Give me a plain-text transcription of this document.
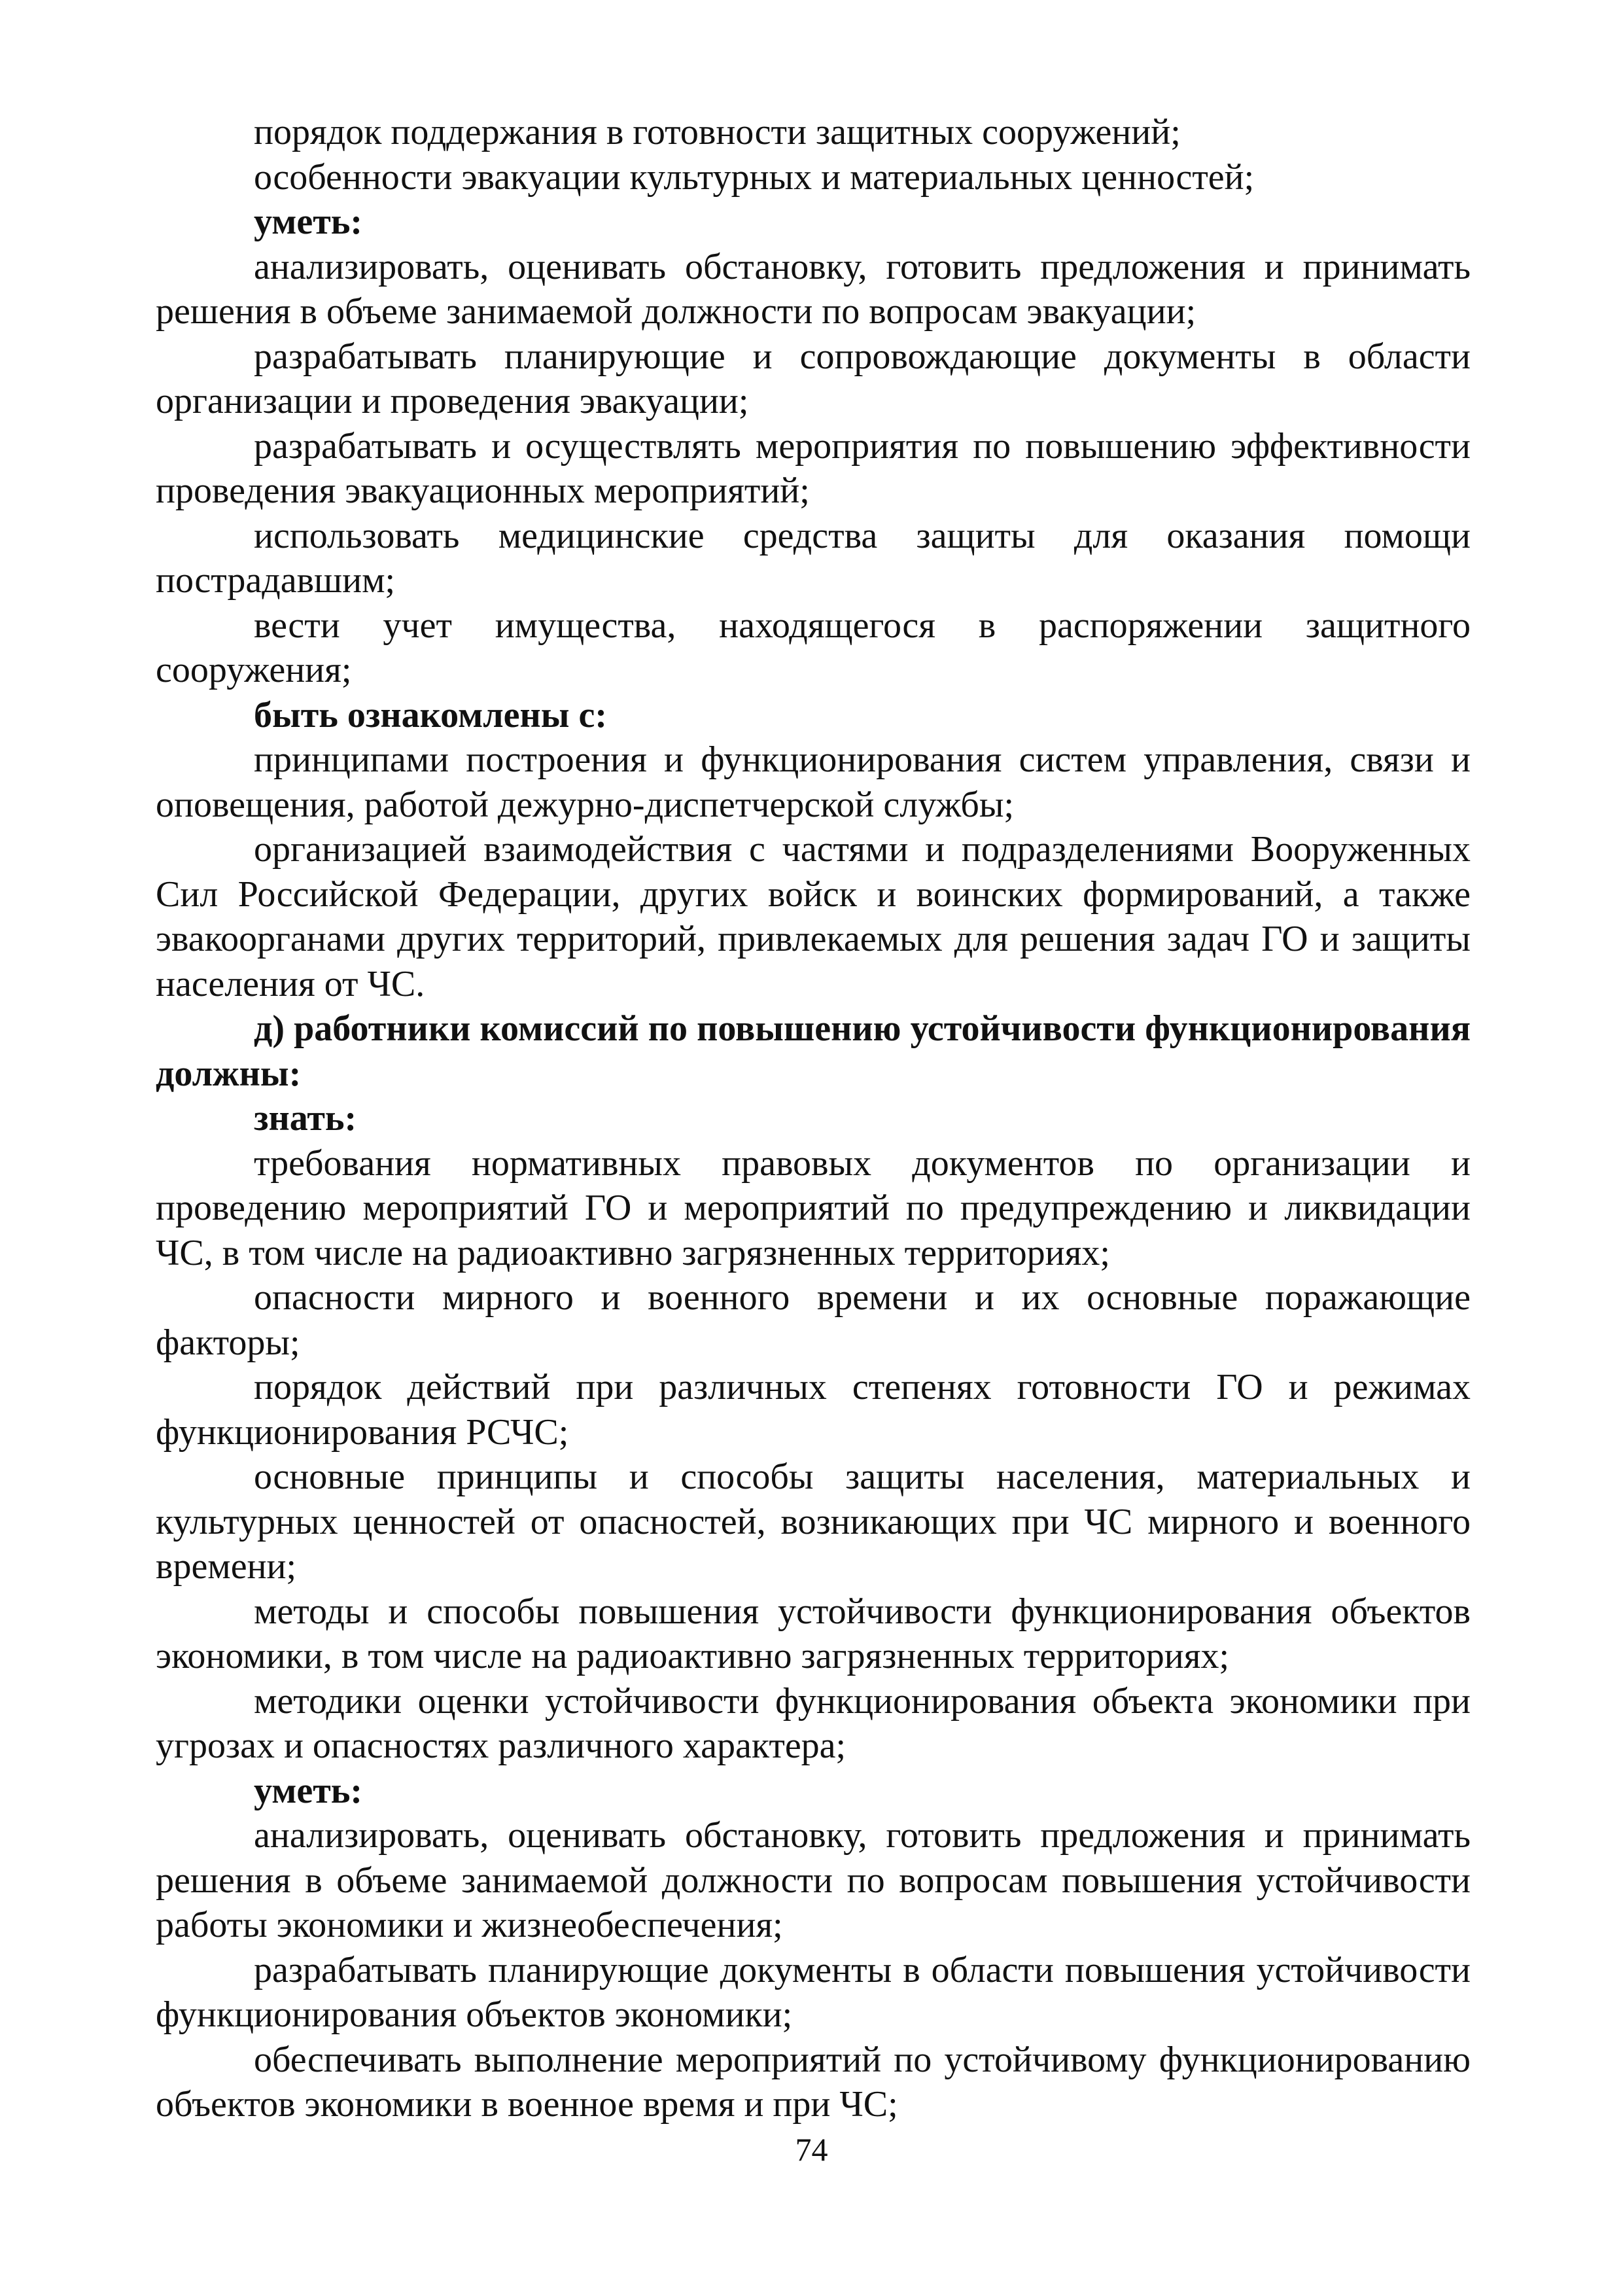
порядок поддержания в готовности защитных сооружений;

особенности эвакуации культурных и материальных ценностей;

уметь:

анализировать, оценивать обстановку, готовить предложения и принимать решения в объеме занимаемой должности по вопросам эвакуации;

разрабатывать планирующие и сопровождающие документы в области организации и проведения эвакуации;

разрабатывать и осуществлять мероприятия по повышению эффективности проведения эвакуационных мероприятий;

использовать медицинские средства защиты для оказания помощи пострадавшим;

вести учет имущества, находящегося в распоряжении защитного сооружения;

быть ознакомлены с:

принципами построения и функционирования систем управления, связи и оповещения, работой дежурно-диспетчерской службы;

организацией взаимодействия с частями и подразделениями Вооруженных Сил Российской Федерации, других войск и воинских формирований, а также эвакоорганами других территорий, привлекаемых для решения задач ГО и защиты населения от ЧС.

д) работники комиссий по повышению устойчивости функционирования должны:

знать:

требования нормативных правовых документов по организации и проведению мероприятий ГО и мероприятий по предупреждению и ликвидации ЧС, в том числе на радиоактивно загрязненных территориях;

опасности мирного и военного времени и их основные поражающие факторы;

порядок действий при различных степенях готовности ГО и режимах функционирования РСЧС;

основные принципы и способы защиты населения, материальных и культурных ценностей от опасностей, возникающих при ЧС мирного и военного времени;

методы и способы повышения устойчивости функционирования объектов экономики, в том числе на радиоактивно загрязненных территориях;

методики оценки устойчивости функционирования объекта экономики при угрозах и опасностях различного характера;

уметь:

анализировать, оценивать обстановку, готовить предложения и принимать решения в объеме занимаемой должности по вопросам повышения устойчивости работы экономики и жизнеобеспечения;

разрабатывать планирующие документы в области повышения устойчивости функционирования объектов экономики;

обеспечивать выполнение мероприятий по устойчивому функционированию объектов экономики в военное время и при ЧС;

74
